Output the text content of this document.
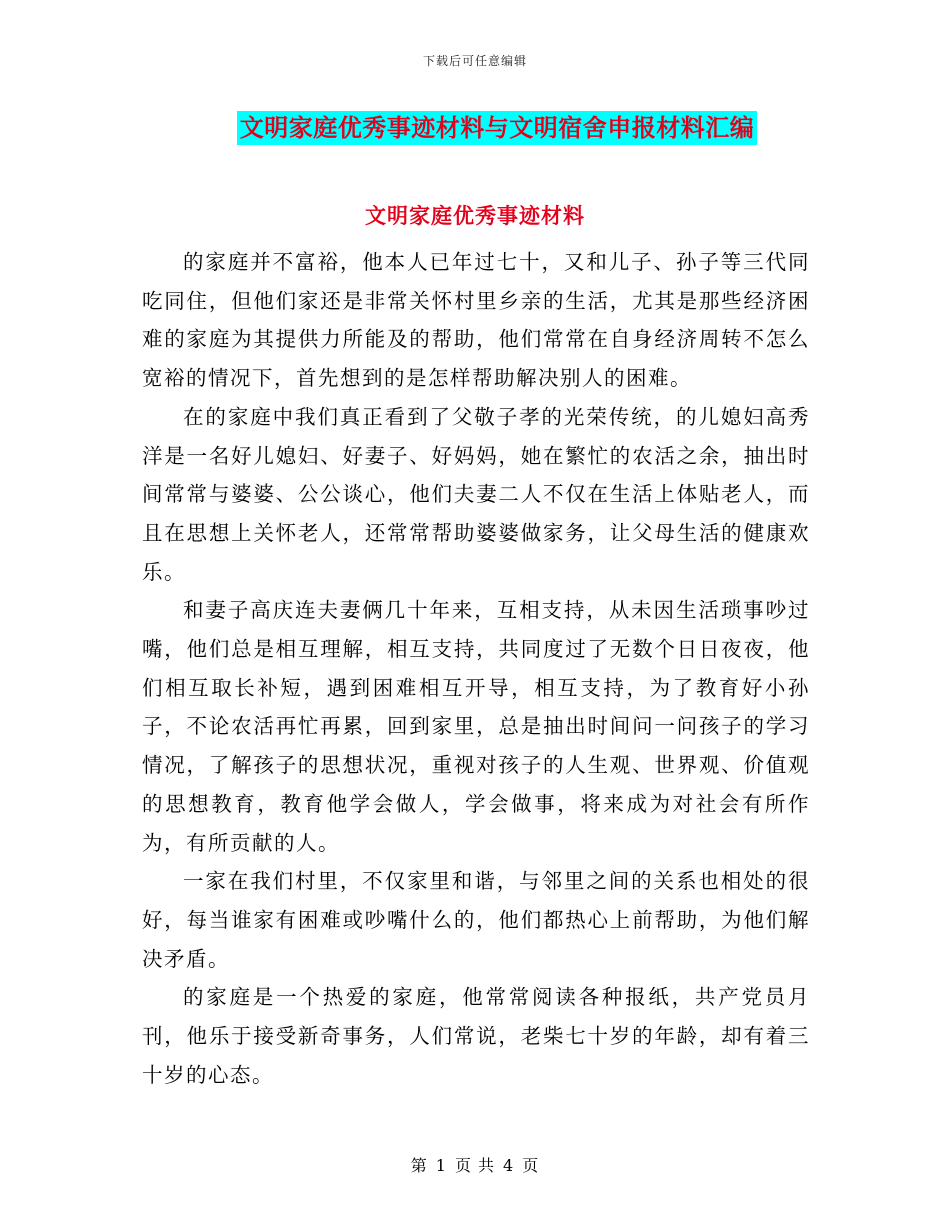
下载后可任意编辑
文明家庭优秀事迹材料与文明宿舍申报材料汇编
文明家庭优秀事迹材料

的家庭并不富裕，他本人已年过七十，又和儿子、孙子等三代同吃同住，但他们家还是非常关怀村里乡亲的生活，尤其是那些经济困难的家庭为其提供力所能及的帮助，他们常常在自身经济周转不怎么宽裕的情况下，首先想到的是怎样帮助解决别人的困难。

在的家庭中我们真正看到了父敬子孝的光荣传统，的儿媳妇高秀洋是一名好儿媳妇、好妻子、好妈妈，她在繁忙的农活之余，抽出时间常常与婆婆、公公谈心，他们夫妻二人不仅在生活上体贴老人，而且在思想上关怀老人，还常常帮助婆婆做家务，让父母生活的健康欢乐。

和妻子高庆连夫妻俩几十年来，互相支持，从未因生活琐事吵过嘴，他们总是相互理解，相互支持，共同度过了无数个日日夜夜，他们相互取长补短，遇到困难相互开导，相互支持，为了教育好小孙子，不论农活再忙再累，回到家里，总是抽出时间问一问孩子的学习情况，了解孩子的思想状况，重视对孩子的人生观、世界观、价值观的思想教育，教育他学会做人，学会做事，将来成为对社会有所作为，有所贡献的人。

一家在我们村里，不仅家里和谐，与邻里之间的关系也相处的很好，每当谁家有困难或吵嘴什么的，他们都热心上前帮助，为他们解决矛盾。

的家庭是一个热爱的家庭，他常常阅读各种报纸，共产党员月刊，他乐于接受新奇事务，人们常说，老柴七十岁的年龄，却有着三十岁的心态。

第 1 页 共 4 页
